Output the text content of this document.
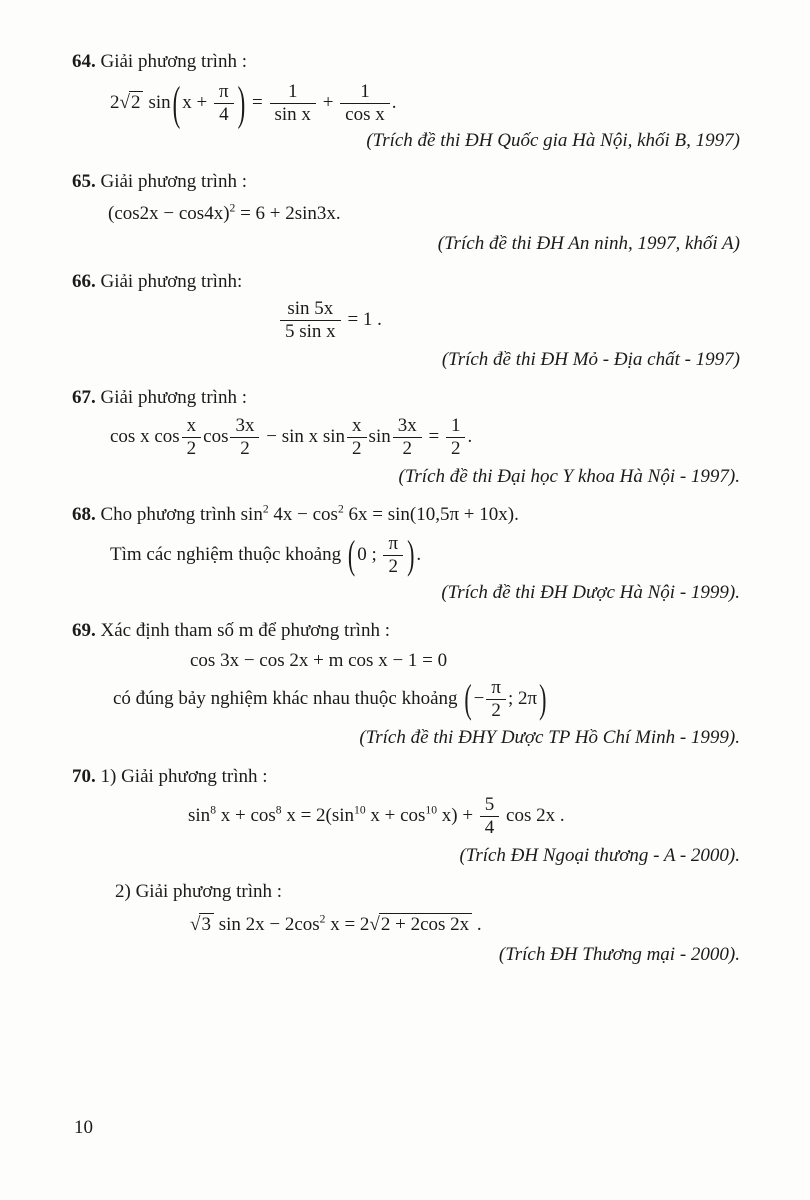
64. Giải phương trình :
2√2 sin( $x + \frac{\pi}{4}$ ) = $\frac{1}{\text{sin x}} + \frac{1}{\text{cos x}}$ .
(Trích đề thi ĐH Quốc gia Hà Nội, khối B, 1997)
65. Giải phương trình :
$(\cos 2x - \cos 4x)^2 = 6 + 2\sin 3x$.
(Trích đề thi ĐH An ninh, 1997, khối A)
66. Giải phương trình:
$\frac{\sin 5x}{\text{5 sin x}} = 1$ .
(Trích đề thi ĐH Mỏ - Địa chất - 1997)
67. Giải phương trình :
cos x $\cos \frac{x}{2}$ $\cos \frac{3x}{2} - \sin x$ $\sin \frac{x}{2}$ $\sin \frac{3x}{2} = \frac{1}{2}$ .
(Trích đề thi Đại học Y khoa Hà Nội - 1997).
68. Cho phương trình $\sin^2 4x - \cos^2 6x = \sin(10,5\pi + 10x)$.
Tìm các nghiệm thuộc khoảng ( 0 ; $\frac{\pi}{2}$ ) .
(Trích đề thi ĐH Dược Hà Nội - 1999).
69. Xác định tham số m để phương trình :
cos 3x − cos 2x + m cos x − 1 = 0
có đúng bảy nghiệm khác nhau thuộc khoảng ( − $\frac{\pi}{2}$ ; 2π)
(Trích đề thi ĐHY Dược TP Hồ Chí Minh - 1999).
70. 1) Giải phương trình :
$\sin^8 x + \cos^8 x = 2(\sin^{10}$ $x + \cos^{10} x) + \frac{5}{4}$ cos 2x .
(Trích ĐH Ngoại thương - A - 2000).
2) Giải phương trình :
√3 $\sin 2x - 2\cos^2$ x = 2√2 + 2cos 2x .
(Trích ĐH Thương mại - 2000).
10
